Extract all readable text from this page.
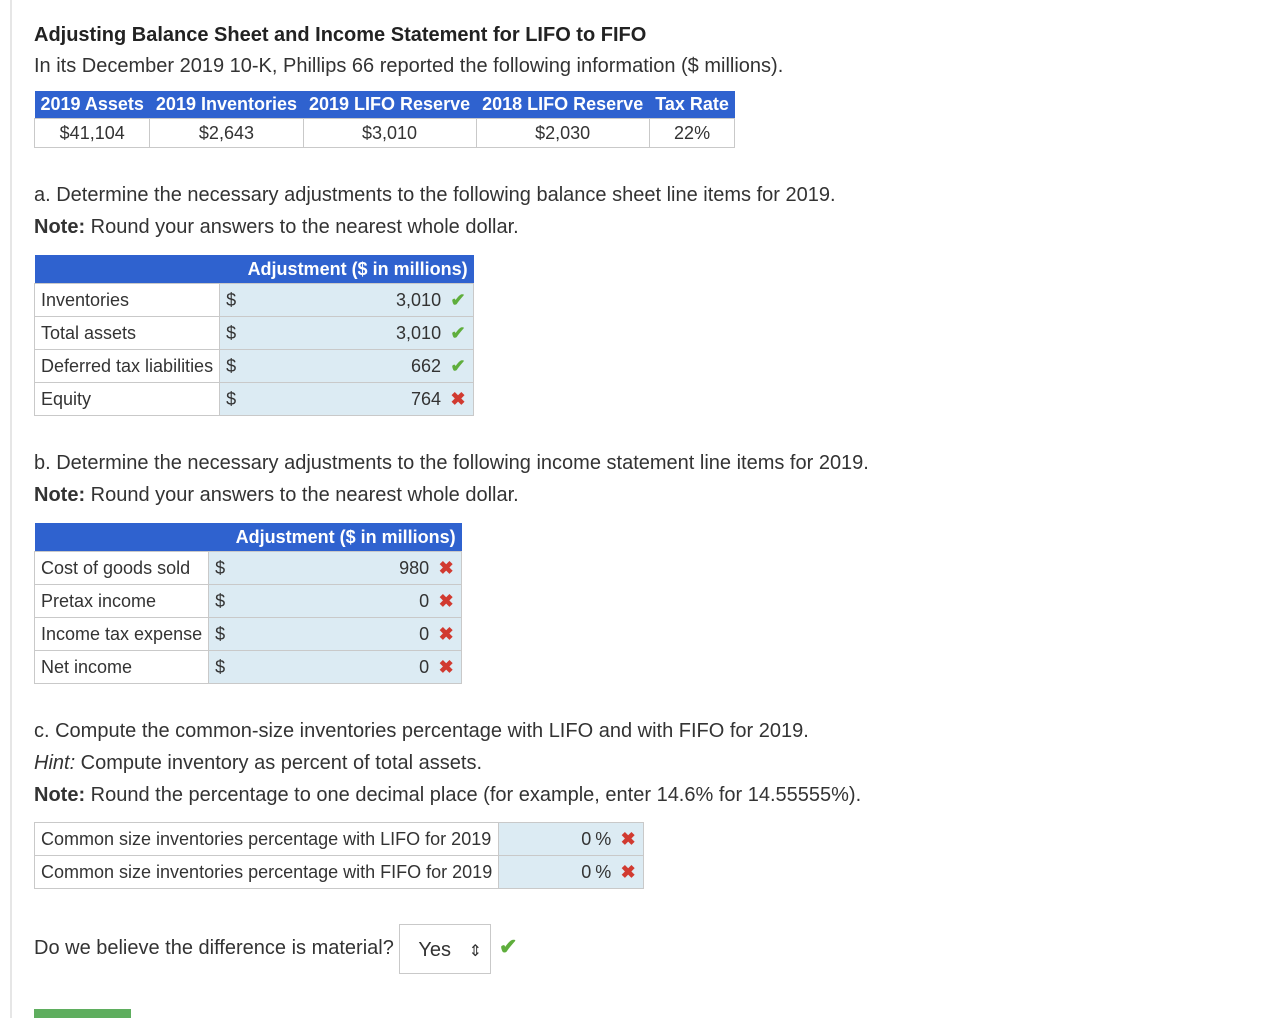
Adjusting Balance Sheet and Income Statement for LIFO to FIFO

In its December 2019 10-K, Phillips 66 reported the following information ($ millions).

2019 Assets	2019 Inventories	2019 LIFO Reserve	2018 LIFO Reserve	Tax Rate
$41,104	$2,643	$3,010	$2,030	22%

a. Determine the necessary adjustments to the following balance sheet line items for 2019.

Note: Round your answers to the nearest whole dollar.

	Adjustment ($ in millions)
Inventories	$ 3,010 ✔

Total assets	$ 3,010 ✔

Deferred tax liabilities	$ 662 ✔

Equity	$ 764 ✖

b. Determine the necessary adjustments to the following income statement line items for 2019.

Note: Round your answers to the nearest whole dollar.

	Adjustment ($ in millions)
Cost of goods sold	$ 980 ✖

Pretax income	$ 0 ✖

Income tax expense	$ 0 ✖

Net income	$ 0 ✖

c. Compute the common-size inventories percentage with LIFO and with FIFO for 2019.

Hint: Compute inventory as percent of total assets.

Note: Round the percentage to one decimal place (for example, enter 14.6% for 14.55555%).

Common size inventories percentage with LIFO for 2019	0 % ✖
Common size inventories percentage with FIFO for 2019	0 % ✖
Do we believe the difference is material? Yes ⇕ ✔
